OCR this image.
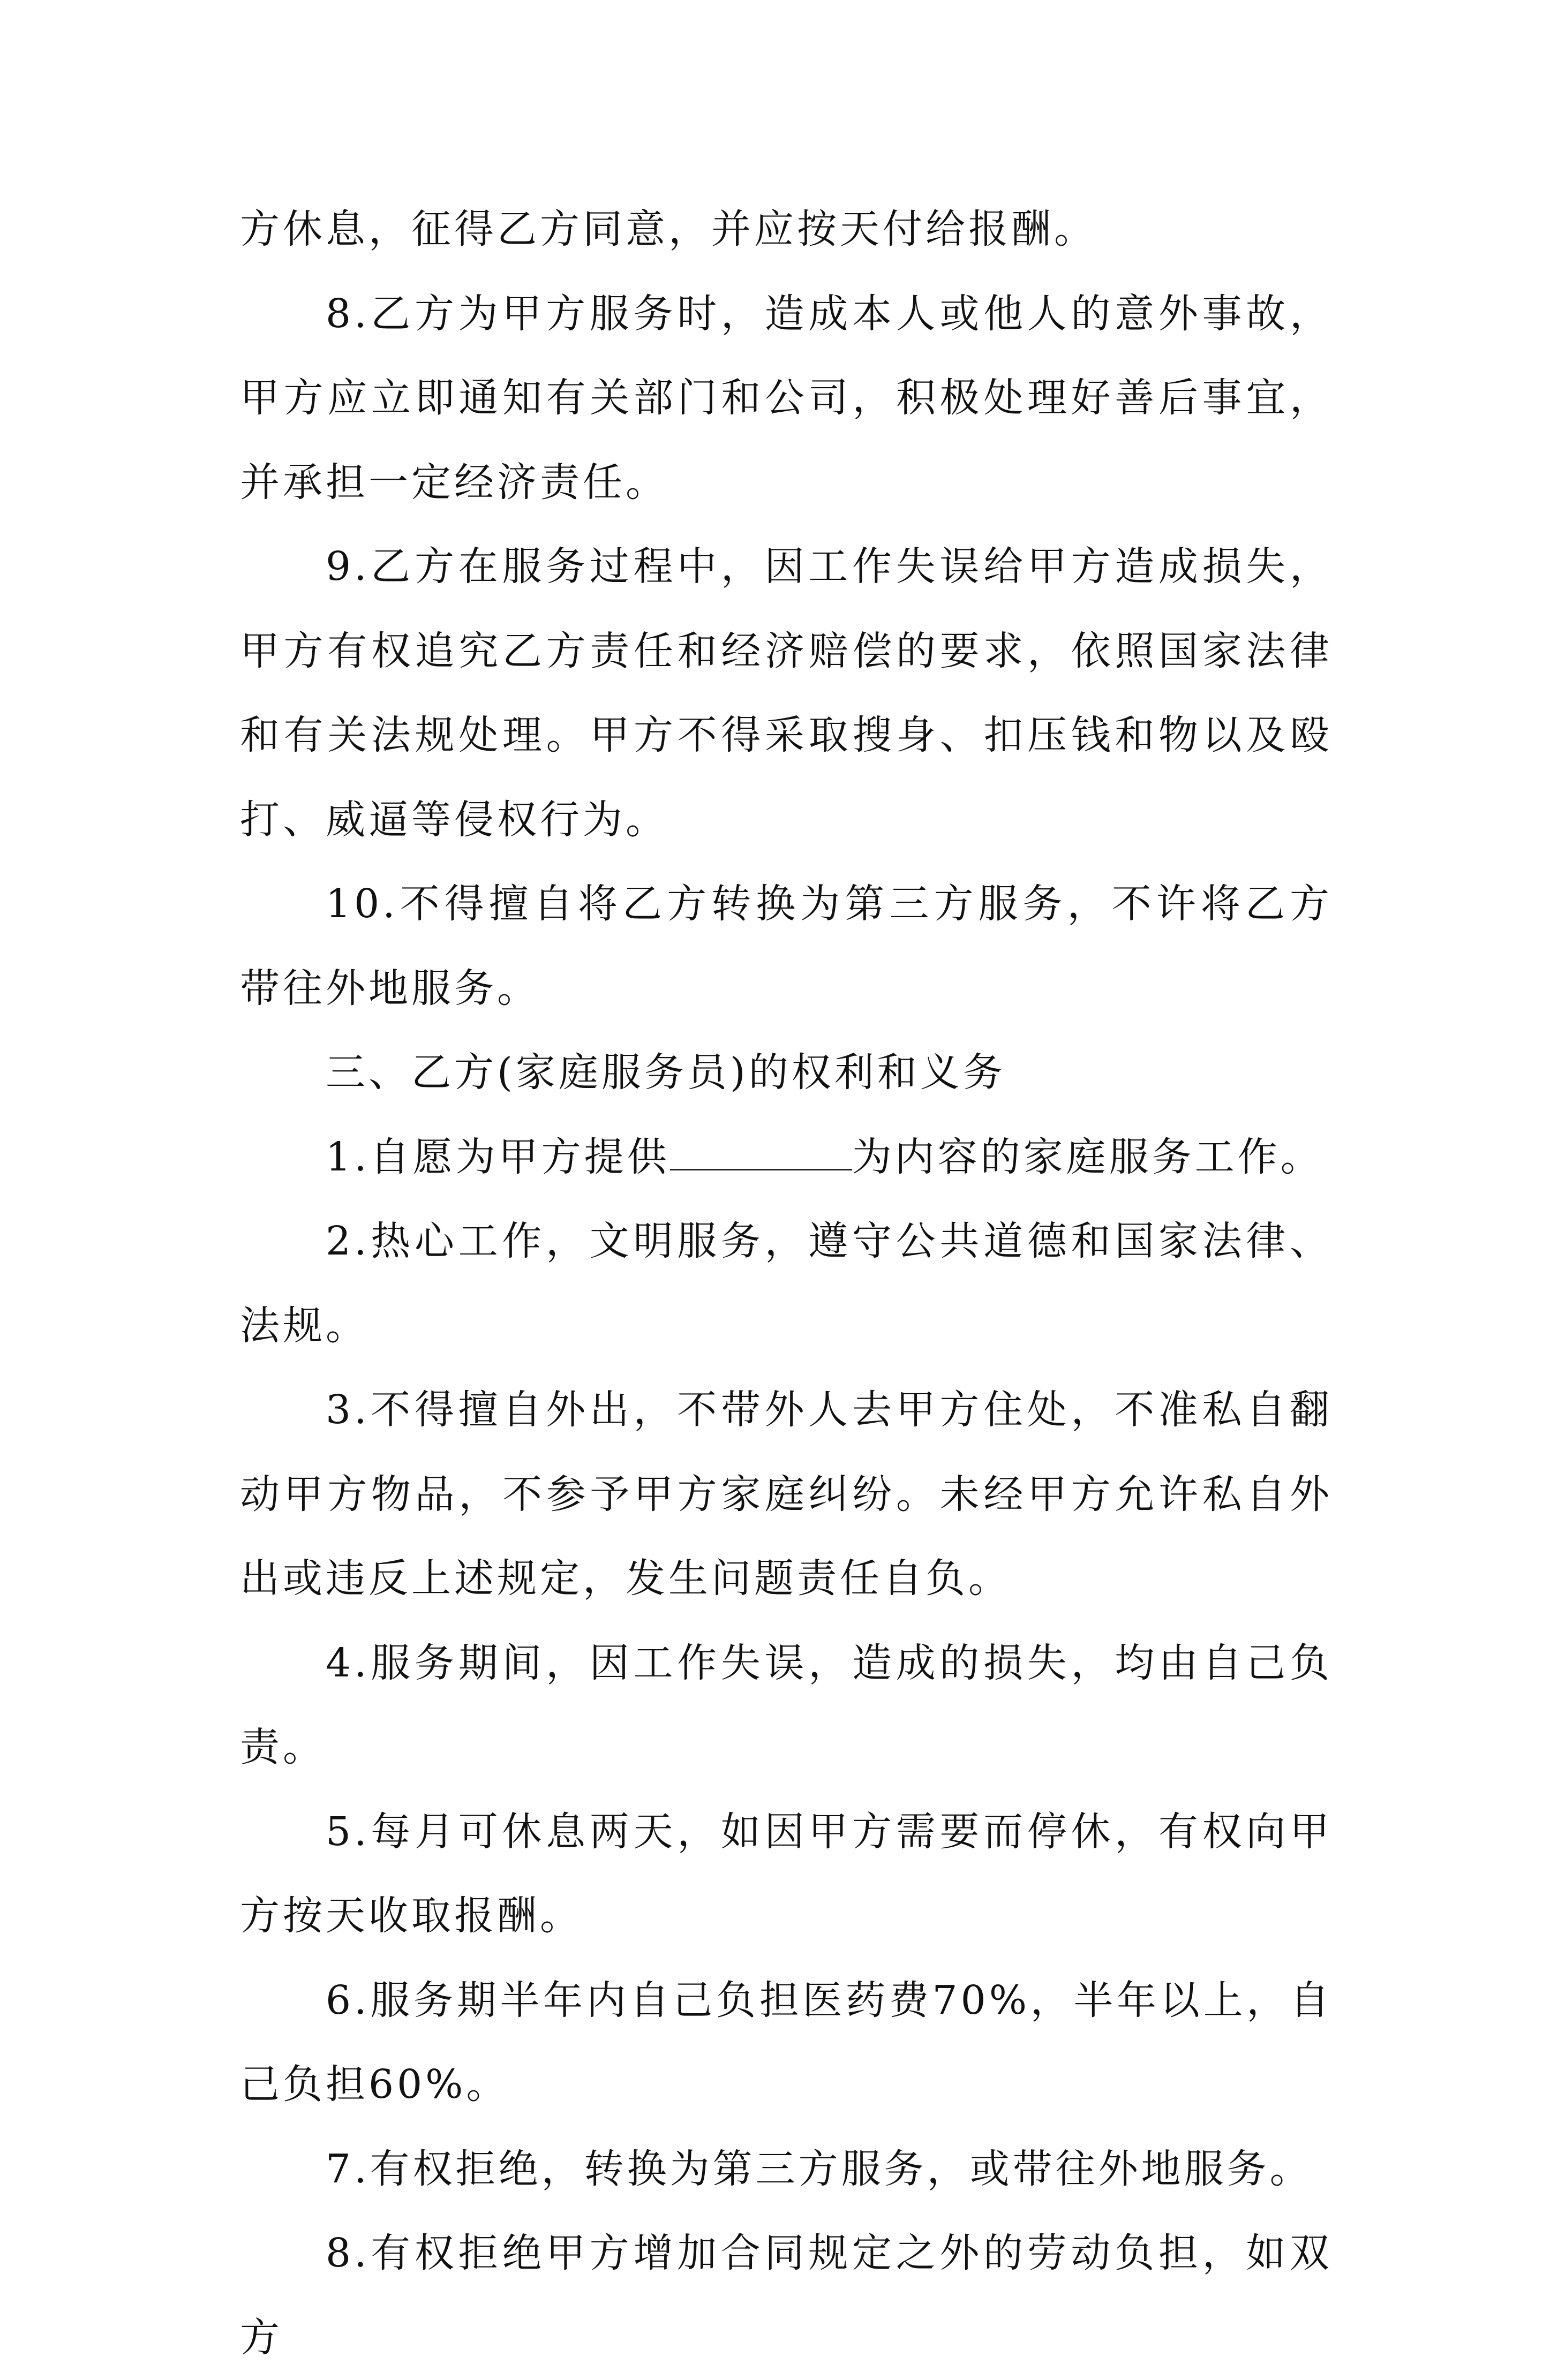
方休息，征得乙方同意，并应按天付给报酬。

8.乙方为甲方服务时，造成本人或他人的意外事故，甲方应立即通知有关部门和公司，积极处理好善后事宜，并承担一定经济责任。

9.乙方在服务过程中，因工作失误给甲方造成损失，甲方有权追究乙方责任和经济赔偿的要求，依照国家法律和有关法规处理。甲方不得采取搜身、扣压钱和物以及殴打、威逼等侵权行为。

10.不得擅自将乙方转换为第三方服务，不许将乙方带往外地服务。

三、乙方(家庭服务员)的权利和义务

1.自愿为甲方提供	为内容的家庭服务工作。

2.热心工作，文明服务，遵守公共道德和国家法律、法规。

3.不得擅自外出，不带外人去甲方住处，不准私自翻动甲方物品，不参予甲方家庭纠纷。未经甲方允许私自外出或违反上述规定，发生问题责任自负。

4.服务期间，因工作失误，造成的损失，均由自己负责。

5.每月可休息两天，如因甲方需要而停休，有权向甲方按天收取报酬。

6.服务期半年内自己负担医药费70%，半年以上，自己负担60%。

7.有权拒绝，转换为第三方服务，或带往外地服务。

8.有权拒绝甲方增加合同规定之外的劳动负担，如双方
